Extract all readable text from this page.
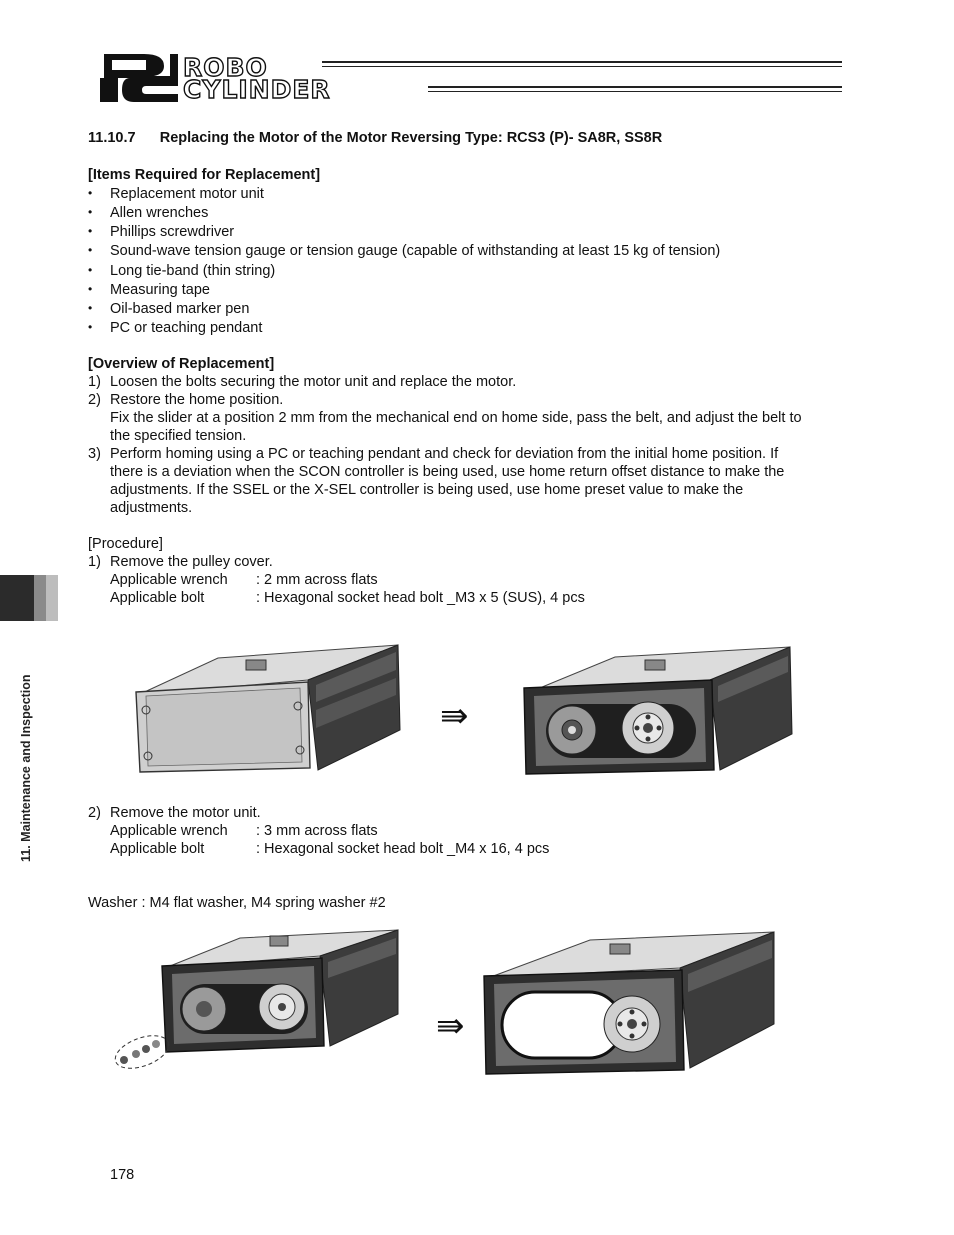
ROBO
CYLINDER
11.10.7      Replacing the Motor of the Motor Reversing Type: RCS3 (P)- SA8R, SS8R
[Items Required for Replacement]
• Replacement motor unit
• Allen wrenches
• Phillips screwdriver
• Sound-wave tension gauge or tension gauge (capable of withstanding at least 15 kg of tension)
• Long tie-band (thin string)
• Measuring tape
• Oil-based marker pen
• PC or teaching pendant
[Overview of Replacement]
1) Loosen the bolts securing the motor unit and replace the motor.
2) Restore the home position.
Fix the slider at a position 2 mm from the mechanical end on home side, pass the belt, and adjust the belt to
the specified tension.
3) Perform homing using a PC or teaching pendant and check for deviation from the initial home position. If
there is a deviation when the SCON controller is being used, use home return offset distance to make the
adjustments. If the SSEL or the X-SEL controller is being used, use home preset value to make the
adjustments.
[Procedure]
1) Remove the pulley cover.
Applicable wrench : 2 mm across flats
Applicable bolt	: Hexagonal socket head bolt _M3 x 5 (SUS), 4 pcs
⇛
2) Remove the motor unit.
Applicable wrench : 3 mm across flats
Applicable bolt	: Hexagonal socket head bolt _M4 x 16, 4 pcs
Washer : M4 flat washer, M4 spring washer #2
⇛
11. Maintenance and Inspection
178
